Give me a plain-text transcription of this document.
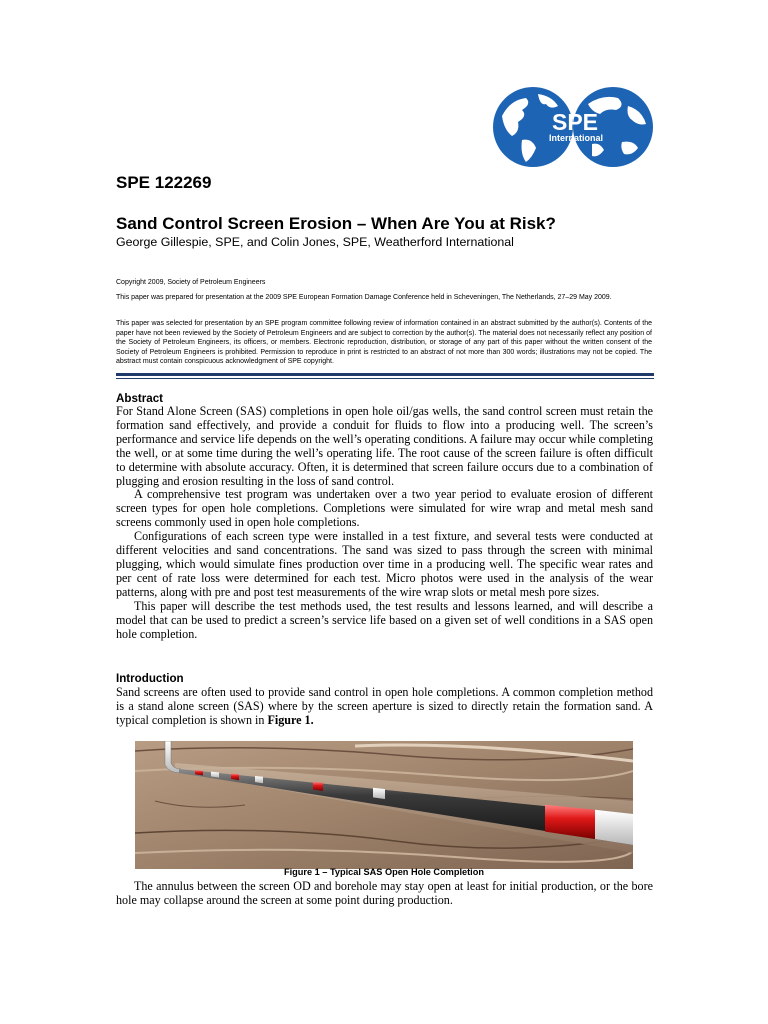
SPE
International
SPE 122269
Sand Control Screen Erosion – When Are You at Risk?
George Gillespie, SPE, and Colin Jones, SPE, Weatherford International
Copyright 2009, Society of Petroleum Engineers
This paper was prepared for presentation at the 2009 SPE European Formation Damage Conference held in Scheveningen, The Netherlands, 27–29 May 2009.
This paper was selected for presentation by an SPE program committee following review of information contained in an abstract submitted by the author(s). Contents of the paper have not been reviewed by the Society of Petroleum Engineers and are subject to correction by the author(s). The material does not necessarily reflect any position of the Society of Petroleum Engineers, its officers, or members. Electronic reproduction, distribution, or storage of any part of this paper without the written consent of the Society of Petroleum Engineers is prohibited. Permission to reproduce in print is restricted to an abstract of not more than 300 words; illustrations may not be copied. The abstract must contain conspicuous acknowledgment of SPE copyright.
Abstract

For Stand Alone Screen (SAS) completions in open hole oil/gas wells, the sand control screen must retain the formation sand effectively, and provide a conduit for fluids to flow into a producing well. The screen’s performance and service life depends on the well’s operating conditions. A failure may occur while completing the well, or at some time during the well’s operating life. The root cause of the screen failure is often difficult to determine with absolute accuracy. Often, it is determined that screen failure occurs due to a combination of plugging and erosion resulting in the loss of sand control.

A comprehensive test program was undertaken over a two year period to evaluate erosion of different screen types for open hole completions. Completions were simulated for wire wrap and metal mesh sand screens commonly used in open hole completions.

Configurations of each screen type were installed in a test fixture, and several tests were conducted at different velocities and sand concentrations. The sand was sized to pass through the screen with minimal plugging, which would simulate fines production over time in a producing well. The specific wear rates and per cent of rate loss were determined for each test. Micro photos were used in the analysis of the wear patterns, along with pre and post test measurements of the wire wrap slots or metal mesh pore sizes.

This paper will describe the test methods used, the test results and lessons learned, and will describe a model that can be used to predict a screen’s service life based on a given set of well conditions in a SAS open hole completion.

Introduction

Sand screens are often used to provide sand control in open hole completions. A common completion method is a stand alone screen (SAS) where by the screen aperture is sized to directly retain the formation sand. A typical completion is shown in Figure 1.

Figure 1 – Typical SAS Open Hole Completion

The annulus between the screen OD and borehole may stay open at least for initial production, or the bore hole may collapse around the screen at some point during production.
